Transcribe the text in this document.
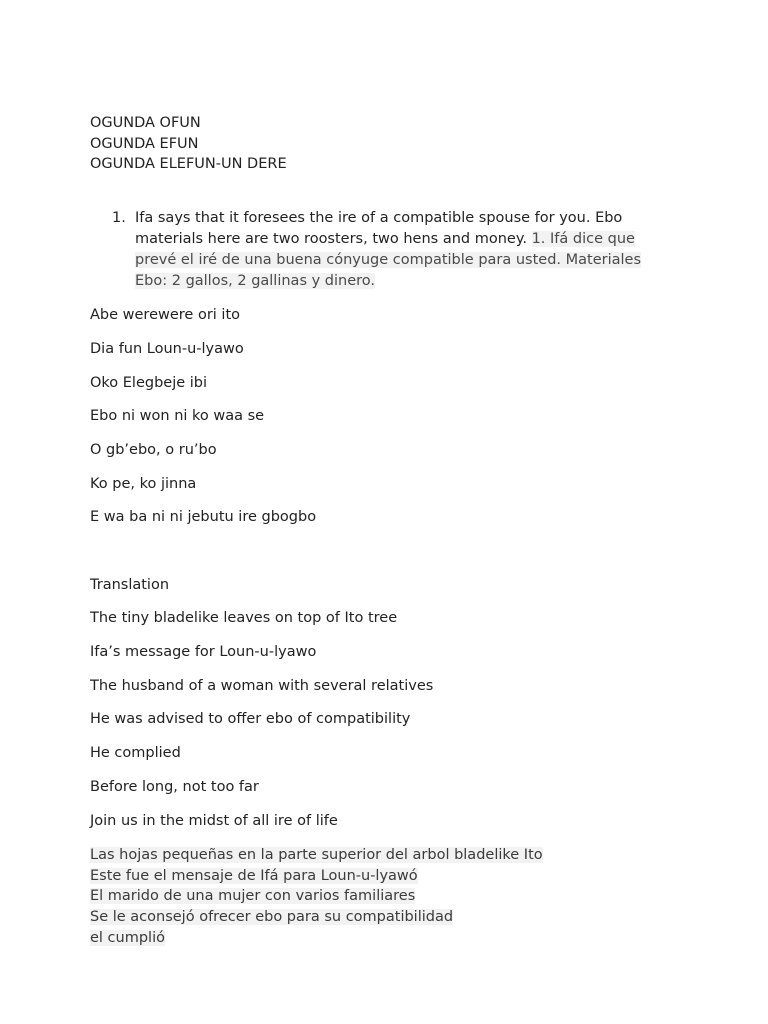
OGUNDA OFUN
OGUNDA EFUN
OGUNDA ELEFUN-UN DERE
1. Ifa says that it foresees the ire of a compatible spouse for you. Ebo materials here are two roosters, two hens and money. 1. Ifá dice que prevé el iré de una buena cónyuge compatible para usted. Materiales Ebo: 2 gallos, 2 gallinas y dinero.
Abe werewere ori ito
Dia fun Loun-u-lyawo
Oko Elegbeje ibi
Ebo ni won ni ko waa se
O gb’ebo, o ru’bo
Ko pe, ko jinna
E wa ba ni ni jebutu ire gbogbo
Translation
The tiny bladelike leaves on top of Ito tree
Ifa’s message for Loun-u-lyawo
The husband of a woman with several relatives
He was advised to offer ebo of compatibility
He complied
Before long, not too far
Join us in the midst of all ire of life
Las hojas pequeñas en la parte superior del arbol bladelike Ito
Este fue el mensaje de Ifá para Loun-u-lyawó
El marido de una mujer con varios familiares
Se le aconsejó ofrecer ebo para su compatibilidad
el cumplió
